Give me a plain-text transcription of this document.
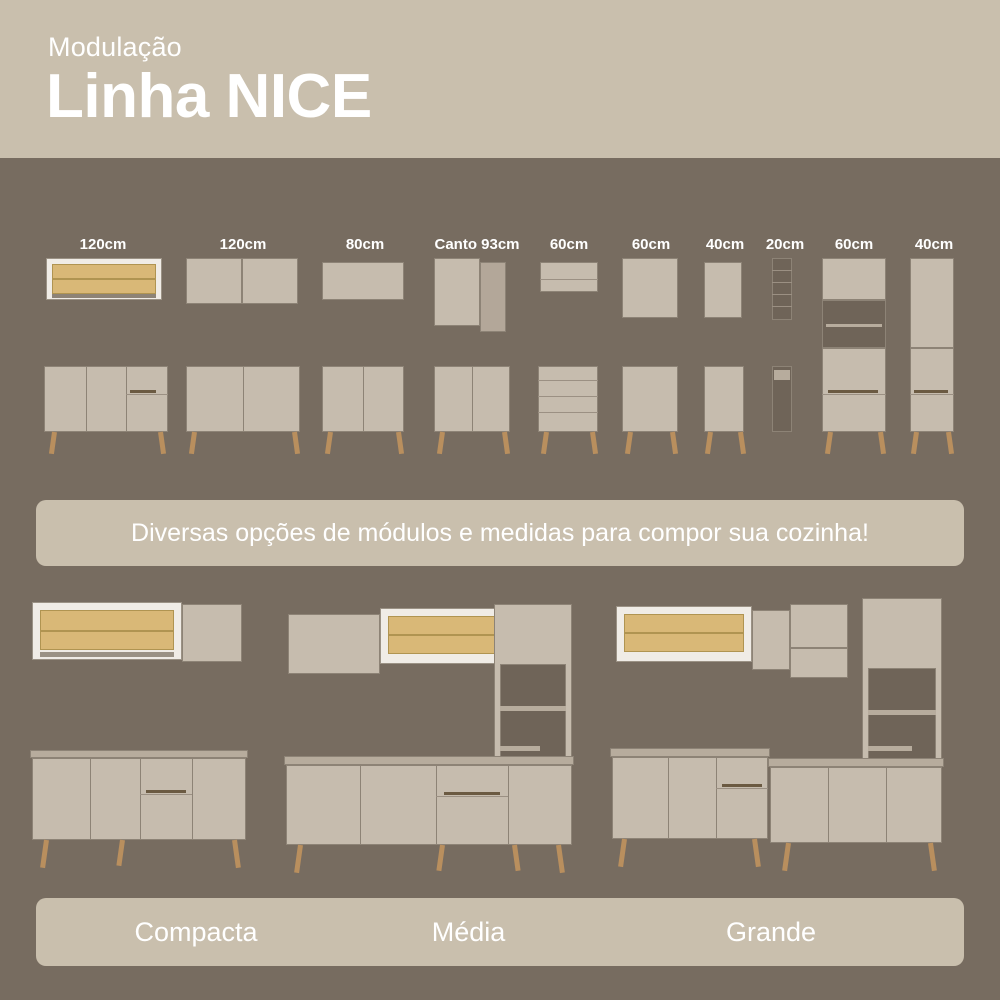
Modulação
Linha NICE
120cm	120cm	80cm	Canto 93cm	60cm	60cm	40cm	20cm	60cm	40cm
Diversas opções de módulos e medidas para compor sua cozinha!
Compacta	Média	Grande
